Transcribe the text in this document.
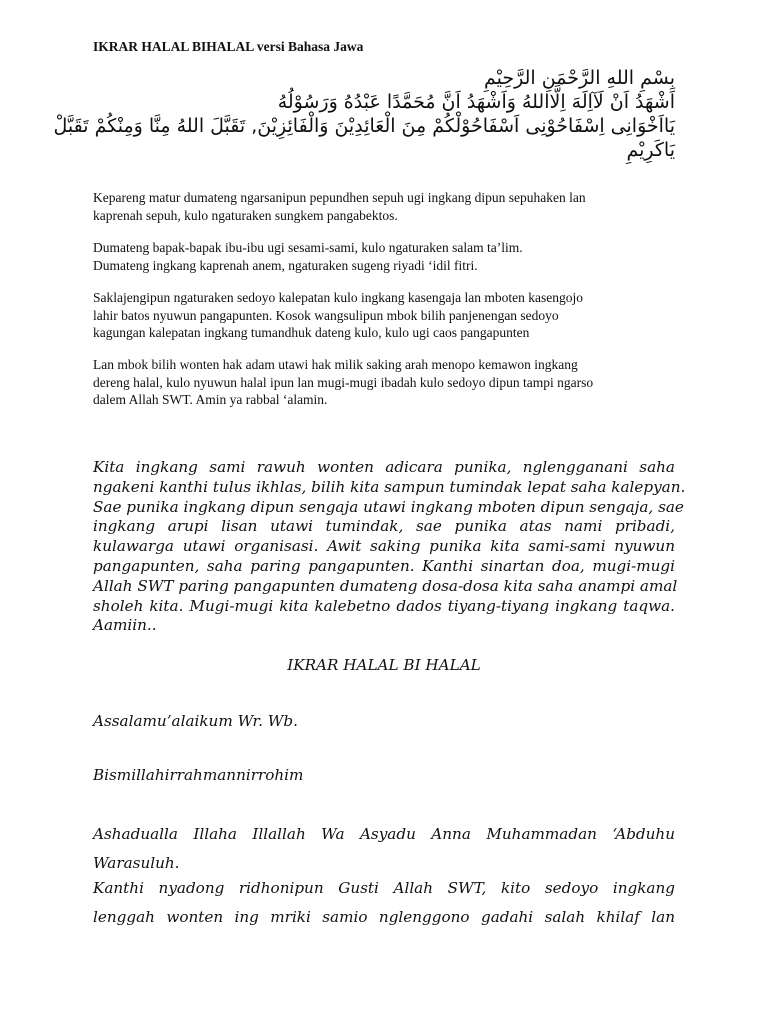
IKRAR HALAL BIHALAL versi Bahasa Jawa
بِسْمِ اللهِ الرَّحْمَنِ الرَّحِيْمِ
اَشْهَدُ اَنْ لَآاِلَهَ اِلَّااللهُ وَاَشْهَدُ اَنَّ مُحَمَّدًا عَبْدُهُ وَرَسُوْلُهُ
يَااَخْوَانِى اِسْفَاحُوْنِى اَسْفَاحُوْلْكُمْ مِنَ الْعَائِدِيْنَ وَالْفَائِزِيْنَ, تَقَبَّلَ اللهُ مِنَّا وَمِنْكُمْ تَقَبَّلْ
يَاكَرِيْمِ
Kepareng matur dumateng ngarsanipun pepundhen sepuh ugi ingkang dipun sepuhaken lan
kaprenah sepuh, kulo ngaturaken sungkem pangabektos.
Dumateng bapak-bapak ibu-ibu ugi sesami-sami, kulo ngaturaken salam ta’lim.
Dumateng ingkang kaprenah anem, ngaturaken sugeng riyadi ‘idil fitri.
Saklajengipun ngaturaken sedoyo kalepatan kulo ingkang kasengaja lan mboten kasengojo
lahir batos nyuwun pangapunten. Kosok wangsulipun mbok bilih panjenengan sedoyo
kagungan kalepatan ingkang tumandhuk dateng kulo, kulo ugi caos pangapunten
Lan mbok bilih wonten hak adam utawi hak milik saking arah menopo kemawon ingkang
dereng halal, kulo nyuwun halal ipun lan mugi-mugi ibadah kulo sedoyo dipun tampi ngarso
dalem Allah SWT. Amin ya rabbal ‘alamin.
Kita ingkang sami rawuh wonten adicara punika, nglengganani saha
ngakeni kanthi tulus ikhlas, bilih kita sampun tumindak lepat saha kalepyan.
Sae punika ingkang dipun sengaja utawi ingkang mboten dipun sengaja, sae
ingkang arupi lisan utawi tumindak, sae punika atas nami pribadi,
kulawarga utawi organisasi. Awit saking punika kita sami-sami nyuwun
pangapunten, saha paring pangapunten. Kanthi sinartan doa, mugi-mugi
Allah SWT paring pangapunten dumateng dosa-dosa kita saha anampi amal
sholeh kita. Mugi-mugi kita kalebetno dados tiyang-tiyang ingkang taqwa.
Aamiin..
IKRAR HALAL BI HALAL
Assalamu’alaikum Wr. Wb.
Bismillahirrahmannirrohim
Ashadualla Illaha Illallah Wa Asyadu Anna Muhammadan ‘Abduhu
Warasuluh.
Kanthi nyadong ridhonipun Gusti Allah SWT, kito sedoyo ingkang
lenggah wonten ing mriki samio nglenggono gadahi salah khilaf lan
